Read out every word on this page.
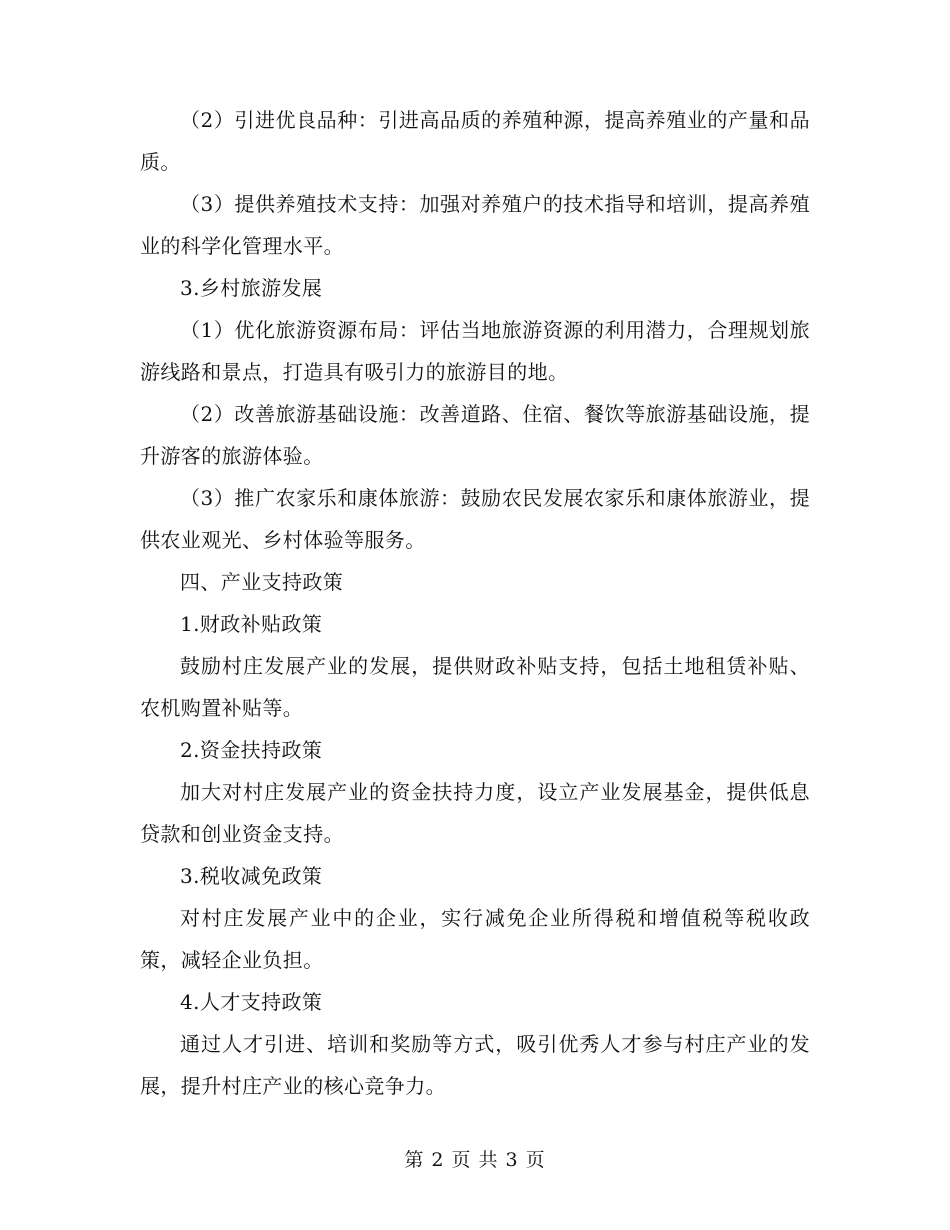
（2）引进优良品种：引进高品质的养殖种源，提高养殖业的产量和品质。

（3）提供养殖技术支持：加强对养殖户的技术指导和培训，提高养殖业的科学化管理水平。

3.乡村旅游发展

（1）优化旅游资源布局：评估当地旅游资源的利用潜力，合理规划旅游线路和景点，打造具有吸引力的旅游目的地。

（2）改善旅游基础设施：改善道路、住宿、餐饮等旅游基础设施，提升游客的旅游体验。

（3）推广农家乐和康体旅游：鼓励农民发展农家乐和康体旅游业，提供农业观光、乡村体验等服务。

四、产业支持政策

1.财政补贴政策

鼓励村庄发展产业的发展，提供财政补贴支持，包括土地租赁补贴、农机购置补贴等。

2.资金扶持政策

加大对村庄发展产业的资金扶持力度，设立产业发展基金，提供低息贷款和创业资金支持。

3.税收减免政策

对村庄发展产业中的企业，实行减免企业所得税和增值税等税收政策，减轻企业负担。

4.人才支持政策

通过人才引进、培训和奖励等方式，吸引优秀人才参与村庄产业的发展，提升村庄产业的核心竞争力。

第 2 页 共 3 页
